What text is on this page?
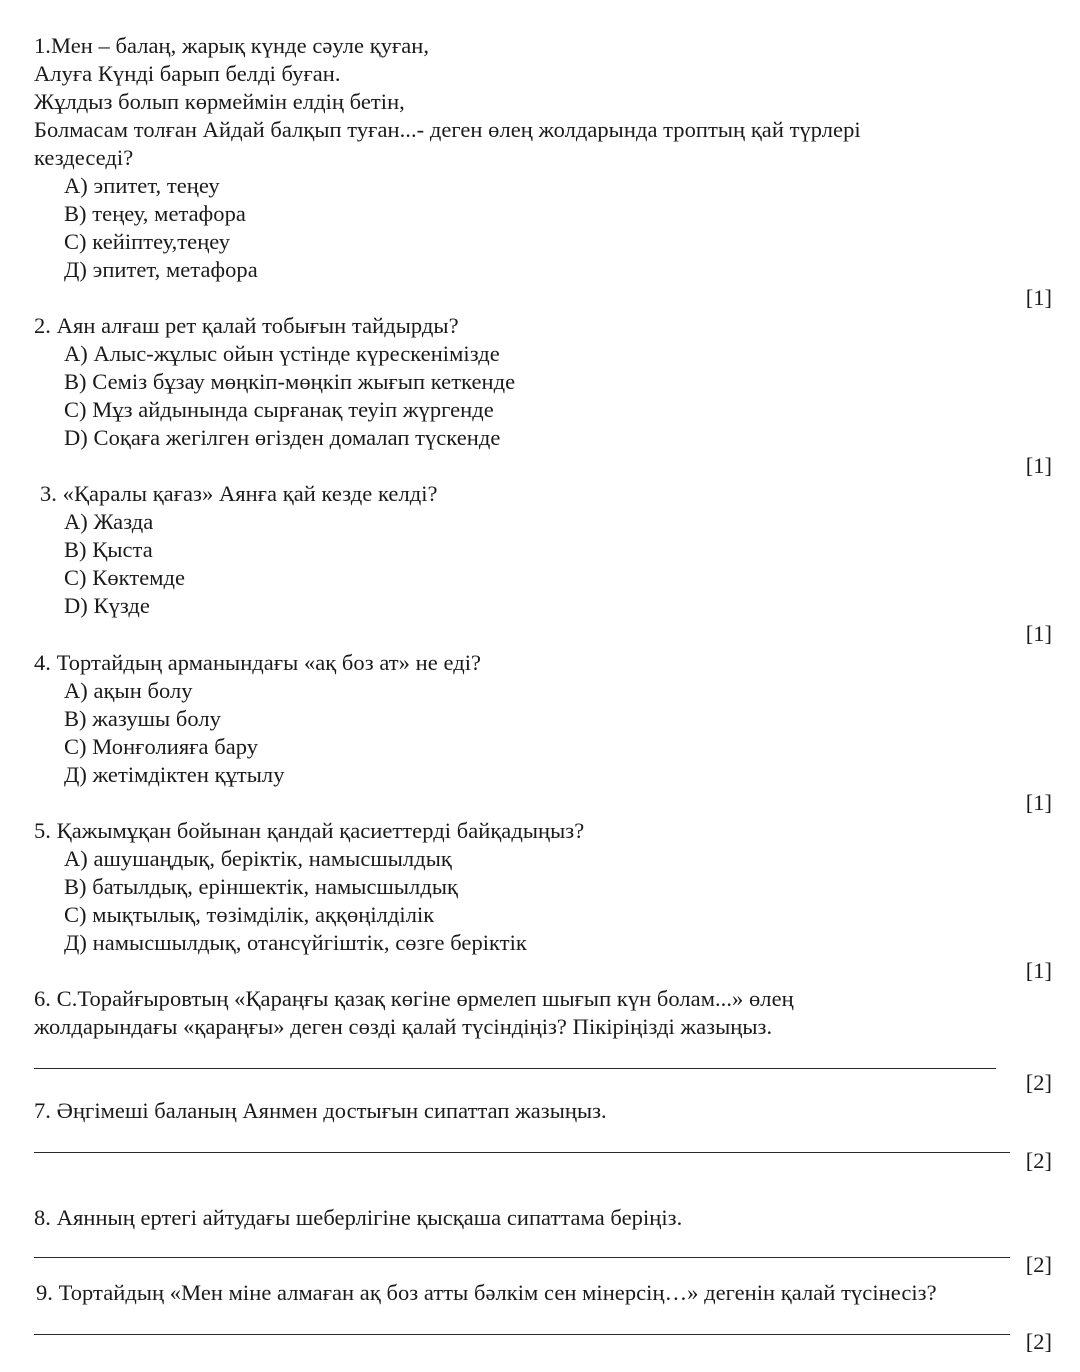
1.Мен – балаң, жарық күнде сәуле қуған,
Алуға Күнді барып белді буған.
Жұлдыз болып көрмеймін елдің бетін,
Болмасам толған Айдай балқып туған...- деген өлең жолдарында троптың қай түрлері
кездеседі?
A) эпитет, теңеу
B) теңеу, метафора
C) кейіптеу,теңеу
Д) эпитет, метафора
[1]
2. Аян алғаш рет қалай тобығын тайдырды?
A) Алыс-жұлыс ойын үстінде күрескенімізде
B) Семіз бұзау мөңкіп-мөңкіп жығып кеткенде
C) Мұз айдынында сырғанақ теуіп жүргенде
D) Соқаға жегілген өгізден домалап түскенде
[1]
3. «Қаралы қағаз» Аянға қай кезде келді?
A) Жазда
B) Қыста
C) Көктемде
D) Күзде
[1]
4. Тортайдың арманындағы «ақ боз ат» не еді?
A) ақын болу
B) жазушы болу
C) Монғолияға бару
Д) жетімдіктен құтылу
[1]
5. Қажымұқан бойынан қандай қасиеттерді байқадыңыз?
A) ашушаңдық, беріктік, намысшылдық
B) батылдық, еріншектік, намысшылдық
C) мықтылық, төзімділік, аққөңілділік
Д) намысшылдық, отансүйгіштік, сөзге беріктік
[1]
6. С.Торайғыровтың «Қараңғы қазақ көгіне өрмелеп шығып күн болам...» өлең
жолдарындағы «қараңғы» деген сөзді қалай түсіндіңіз? Пікіріңізді жазыңыз.
[2]
7. Әңгімеші баланың Аянмен достығын сипаттап жазыңыз.
[2]
8. Аянның ертегі айтудағы шеберлігіне қысқаша сипаттама беріңіз.
[2]
9. Тортайдың «Мен міне алмаған ақ боз атты бәлкім сен мінерсің…» дегенін қалай түсінесіз?
[2]
